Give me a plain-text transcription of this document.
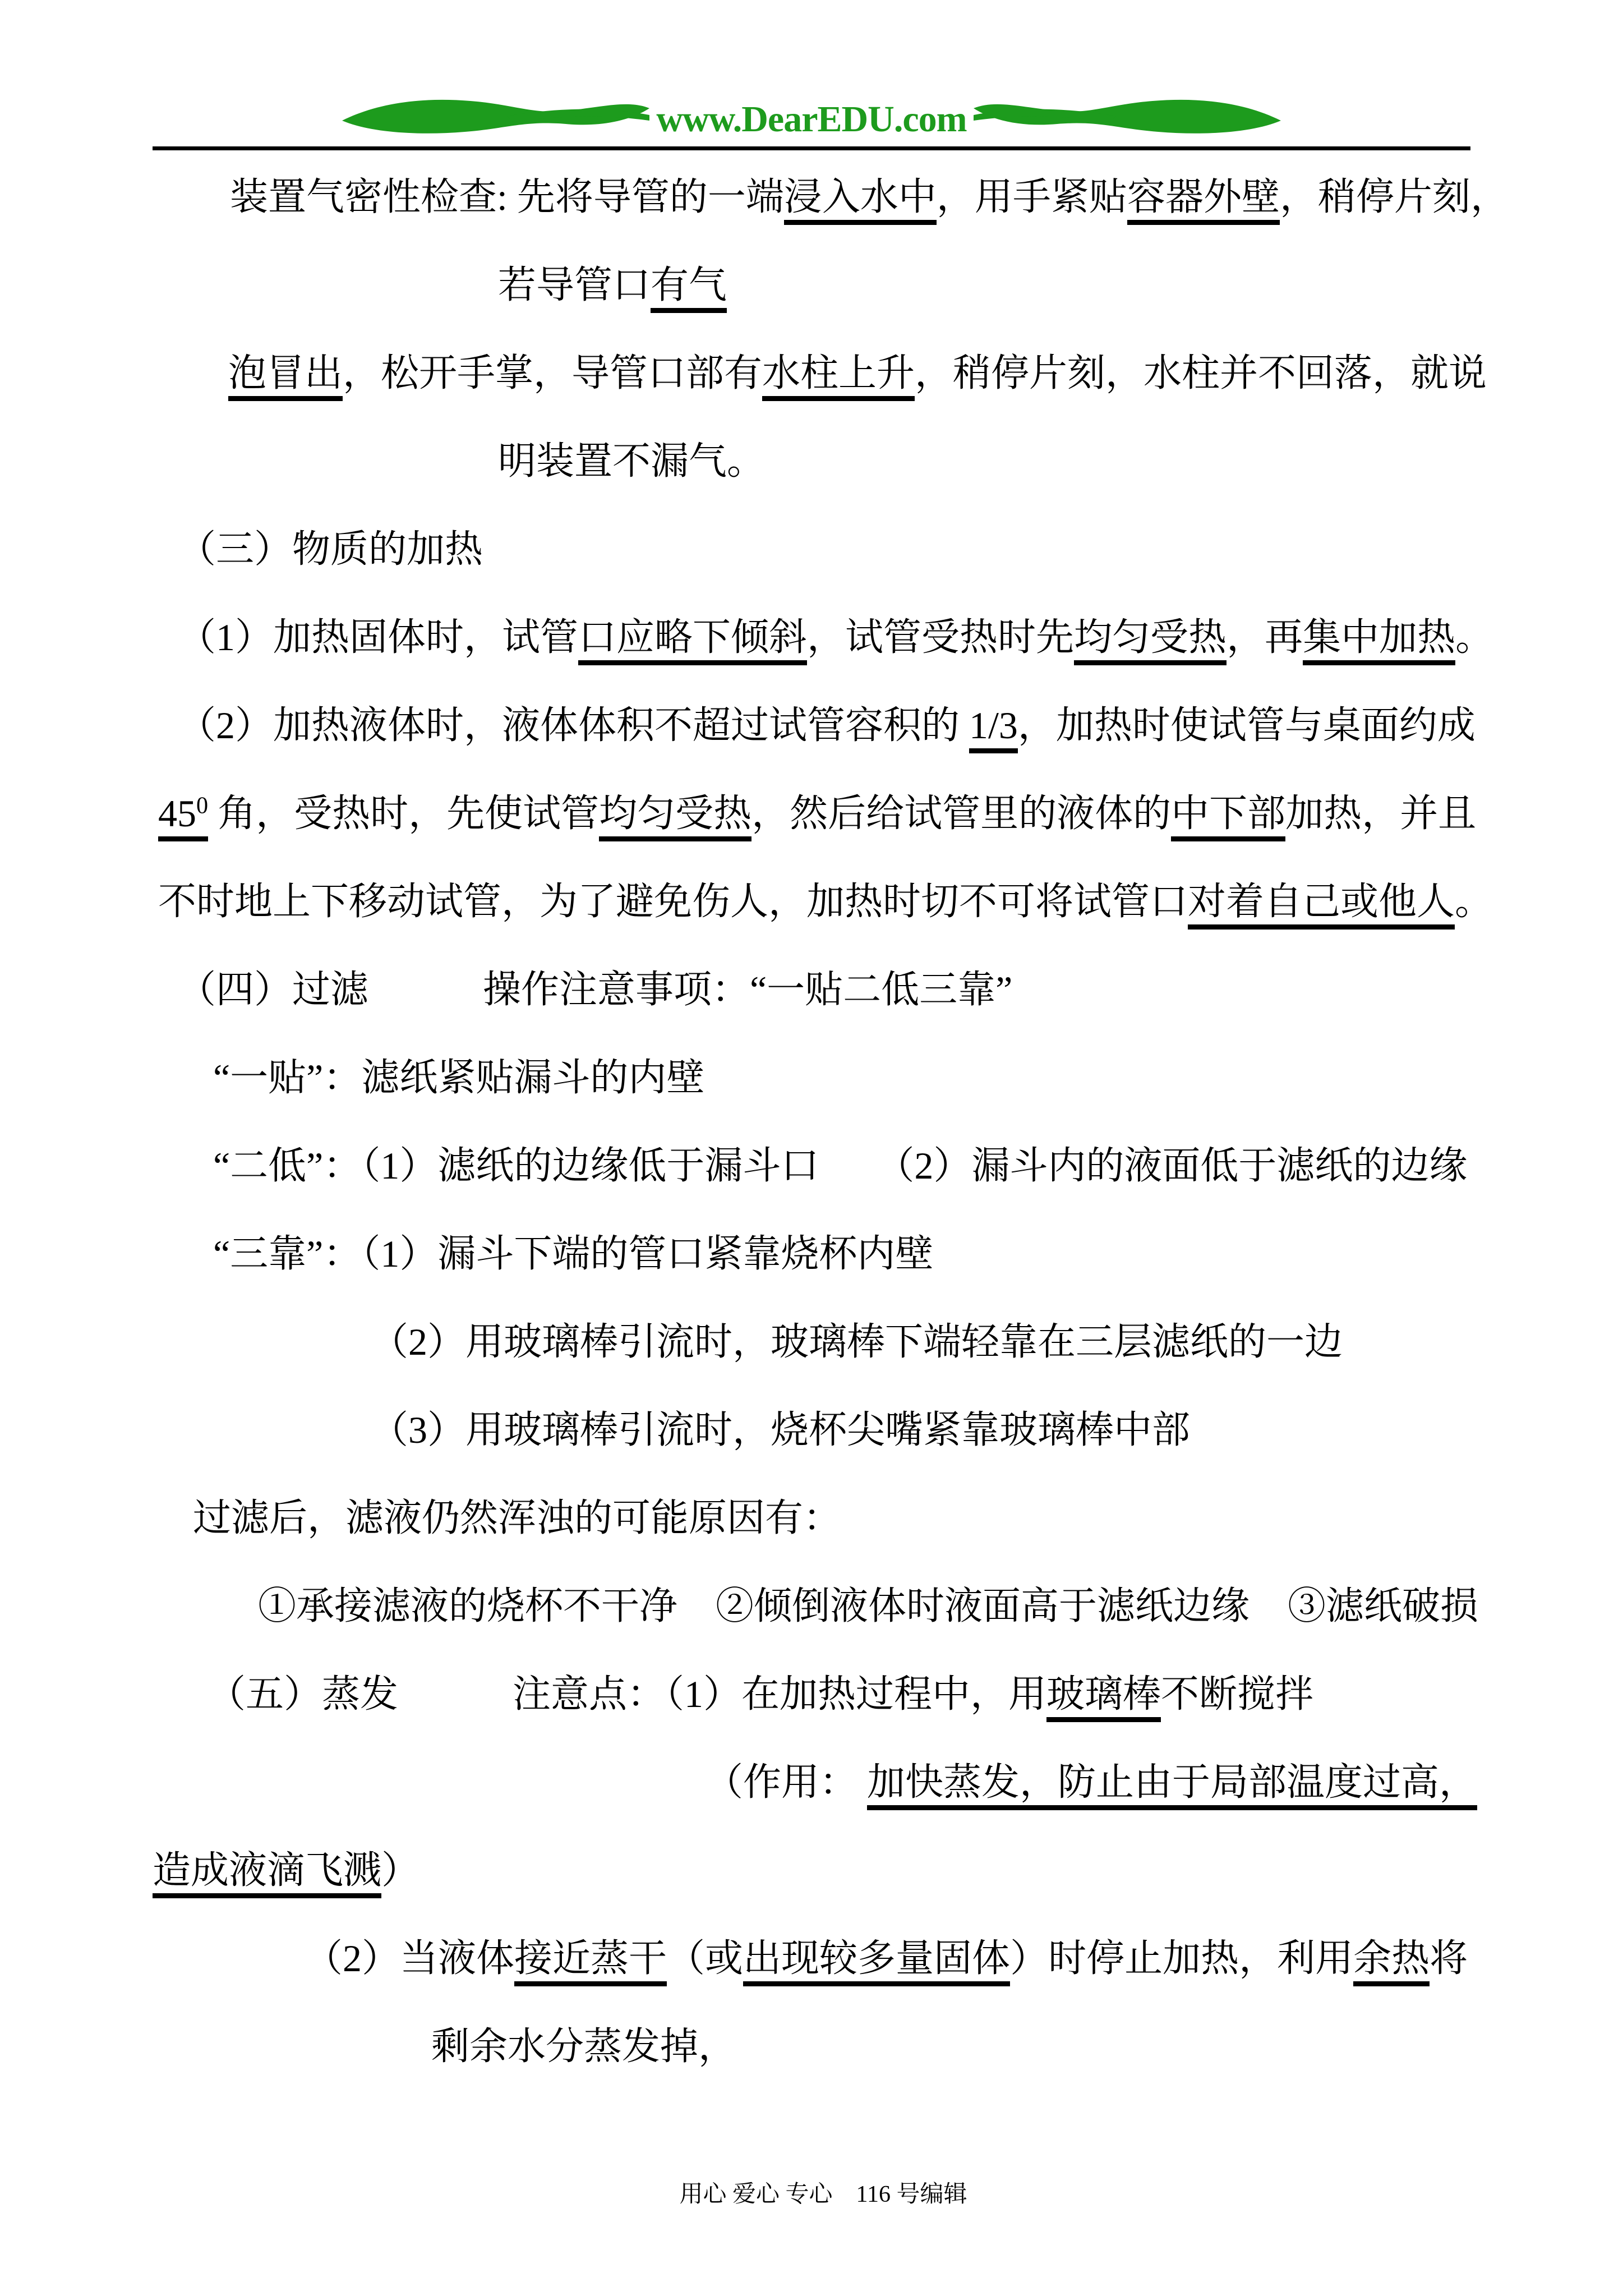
www.DearEDU.com
装置气密性检查: 先将导管的一端浸入水中，用手紧贴容器外壁，稍停片刻，
若导管口有气
泡冒出，松开手掌，导管口部有水柱上升，稍停片刻，水柱并不回落，就说
明装置不漏气。
（三）物质的加热
（1）加热固体时，试管口应略下倾斜，试管受热时先均匀受热，再集中加热。
（2）加热液体时，液体体积不超过试管容积的 1/3，加热时使试管与桌面约成
$45^0$ 角，受热时，先使试管均匀受热，然后给试管里的液体的中下部加热，并且
不时地上下移动试管，为了避免伤人，加热时切不可将试管口对着自己或他人。
（四）过滤　　　操作注意事项：“一贴二低三靠”
“一贴”：滤纸紧贴漏斗的内壁
“二低”：（1）滤纸的边缘低于漏斗口　　（2）漏斗内的液面低于滤纸的边缘
“三靠”：（1）漏斗下端的管口紧靠烧杯内壁
（2）用玻璃棒引流时，玻璃棒下端轻靠在三层滤纸的一边
（3）用玻璃棒引流时，烧杯尖嘴紧靠玻璃棒中部
过滤后，滤液仍然浑浊的可能原因有：
①承接滤液的烧杯不干净　②倾倒液体时液面高于滤纸边缘　③滤纸破损
（五）蒸发　　　注意点：（1）在加热过程中，用玻璃棒不断搅拌
（作用： 加快蒸发，防止由于局部温度过高，
造成液滴飞溅）
（2）当液体接近蒸干（或出现较多量固体）时停止加热，利用余热将
剩余水分蒸发掉，

用心 爱心 专心　116 号编辑
